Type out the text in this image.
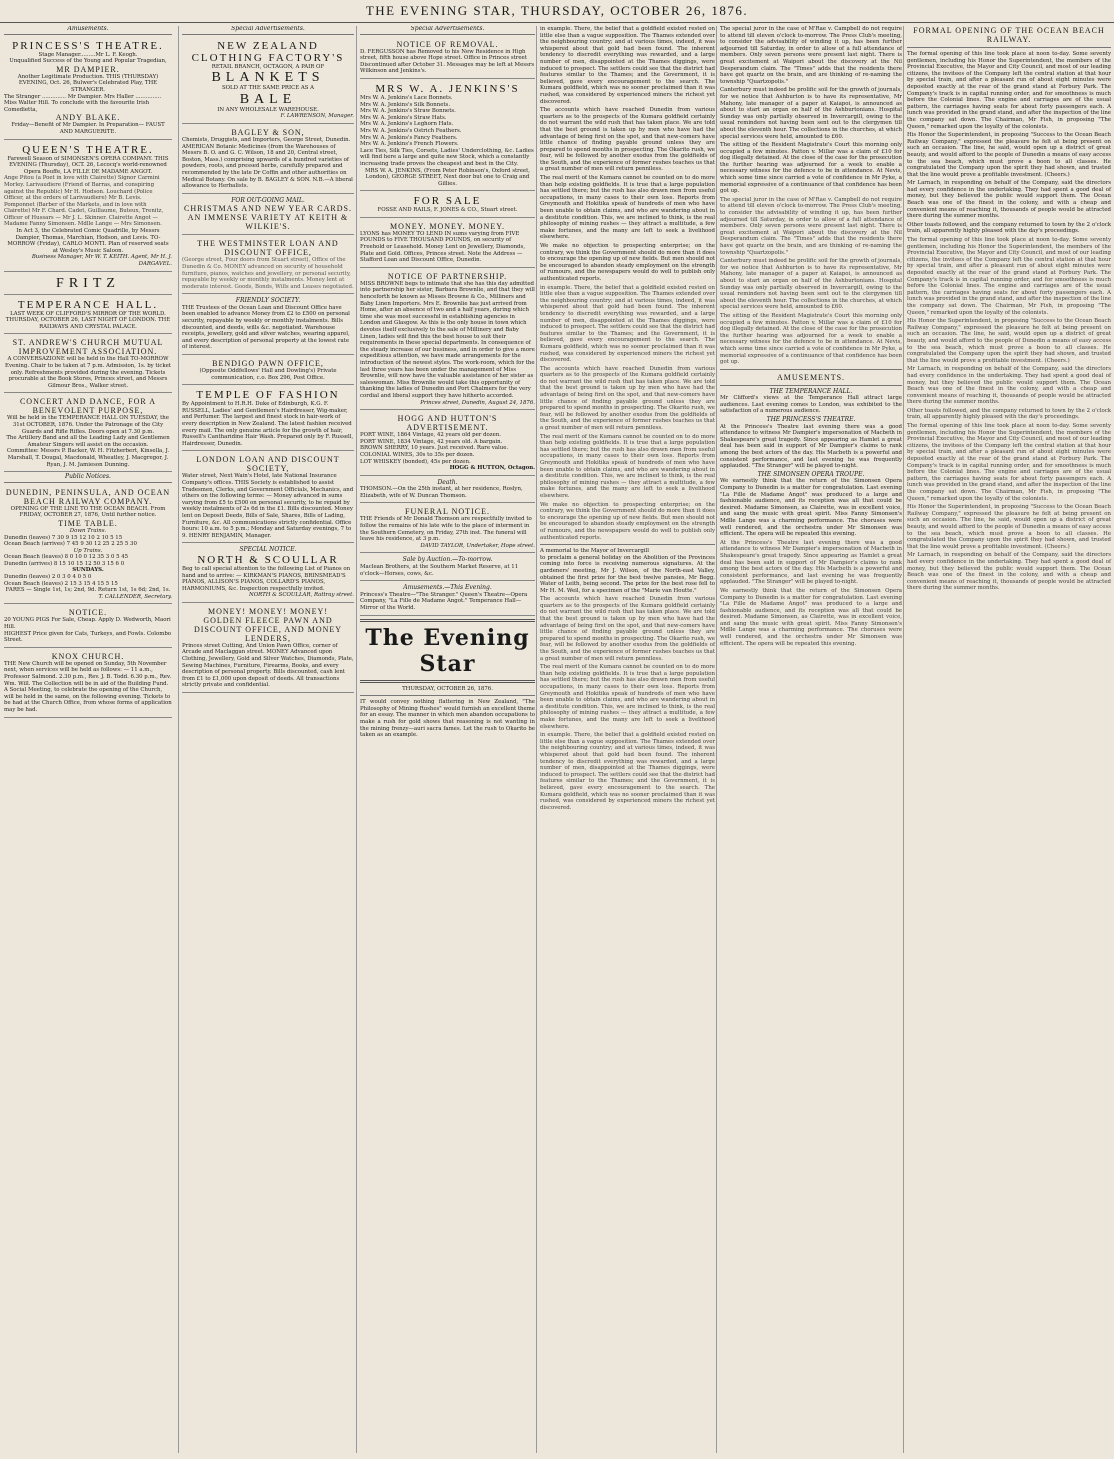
THE EVENING STAR, THURSDAY, OCTOBER 26, 1876.
Amusements.
PRINCESS'S THEATRE.
Stage Manager.........Mr L. F. Keogh.
Unqualified Success of the Young and Popular Tragedian,
MR DAMPIER.
Another Legitimate Production. THIS (THURSDAY) EVENING, Oct. 26, Bulwer's Celebrated Play, THE STRANGER.
The Stranger .............. Mr Dampier. Mrs Haller ............... Miss Walter Hill. To conclude with the favourite Irish Comedietta,
ANDY BLAKE.
Friday—Benefit of Mr Dampier. In Preparation— FAUST AND MARGUERITE.
QUEEN'S THEATRE.
Farewell Season of SIMONSEN'S OPERA COMPANY. THIS EVENING (Thursday), OCT. 26, Lecocq's world-renowned Opera Bouffe, LA FILLE DE MADAME ANGOT.
Ange Pitou (a Poet in love with Clairette) Signor Carmini Morley. Larivaudiere (Friend of Barras, and conspiring against the Republic) Mr H. Hodson. Louchard (Police Officer, at the orders of Larivaudiere) Mr B. Levis. Pomponnet (Barber of the Markets, and in love with Clairette) Mr F. Chard. Cadet, Guillaume, Buteux, Trenitz, Officer of Hussars — Mr J. L. Skinner. Clairette Angot — Madame Fanny Simonsen. Mdlle Lange — Mrs Simonsen.
In Act 3, the Celebrated Comic Quadrille, by Messrs Dampier, Thomas, Marchian, Hodson, and Levis. TO-MORROW (Friday), CARLO MONTI. Plan of reserved seats at Wesley's Music Saloon.
Business Manager, Mr W. T. KEITH. Agent, Mr H. J. DARGAVEL.
FRITZ
TEMPERANCE HALL.
LAST WEEK OF CLIFFORD'S MIRROR OF THE WORLD. THURSDAY, OCTOBER 26, LAST NIGHT OF LONDON. THE RAILWAYS AND CRYSTAL PALACE.
ST. ANDREW'S CHURCH MUTUAL IMPROVEMENT ASSOCIATION.
A CONVERSAZIONE will be held in the Hall TO-MORROW Evening. Chair to be taken at 7 p.m. Admission, 1s. by ticket only. Refreshments provided during the evening. Tickets procurable at the Book Stores, Princes street, and Messrs Gilmour Bros., Walker street.
CONCERT AND DANCE, FOR A BENEVOLENT PURPOSE,
Will be held in the TEMPERANCE HALL ON TUESDAY, the 31st OCTOBER, 1876. Under the Patronage of the City Guards and Rifle Rifles. Doors open at 7.30 p.m.
The Artillery Band and all the Leading Lady and Gentlemen Amateur Singers will assist on the occasion.
Committee: Messrs P. Backer, W. H. Fitzherbert, Kinsella, J. Marshall, T. Dougal, Macdonald, Wheatley, J. Macgregor, J. Ryan, J. M. Jamieson Dunning.
Public Notices.
DUNEDIN, PENINSULA, AND OCEAN BEACH RAILWAY COMPANY.
OPENING OF THE LINE TO THE OCEAN BEACH. From FRIDAY, OCTOBER 27, 1876, Until further notice.
TIME TABLE.
Down Trains.
Dunedin (leaves) 7 30 9 15 12 10 2 10 5 15
Ocean Beach (arrives) 7 45 9 30 12 25 2 25 5 30
Up Trains.
Ocean Beach (leaves) 8 0 10 0 12 35 3 0 5 45
Dunedin (arrives) 8 15 10 15 12 50 3 15 6 0
SUNDAYS.
Dunedin (leaves) 2 0 3 0 4 0 5 0
Ocean Beach (leaves) 2 15 3 15 4 15 5 15
FARES — Single 1st, 1s; 2nd, 9d. Return 1st, 1s 6d; 2nd, 1s.
T. CALLENDER, Secretary.
NOTICE.
20 YOUNG PIGS For Sale, Cheap. Apply D. Wedworth, Maori Hill.
HIGHEST Price given for Cats, Turkeys, and Fowls. Colombo Street.
KNOX CHURCH.
THE New Church will be opened on Sunday, 5th November next, when services will be held as follows: — 11 a.m., Professor Salmond. 2.30 p.m., Rev. J. B. Todd. 6.30 p.m., Rev. Wm. Will. The Collection will be in aid of the Building Fund. A Social Meeting, to celebrate the opening of the Church, will be held in the same, on the following evening. Tickets to be had at the Church Office, from whose forms of application may be had.
Special Advertisements.
NEW ZEALAND CLOTHING FACTORY'S
RETAIL BRANCH, OCTAGON, A PAIR OF
BLANKETS
SOLD AT THE SAME PRICE AS A
BALE
IN ANY WHOLESALE WAREHOUSE.
F. LAWRENSON, Manager.
BAGLEY & SON,
Chemists, Druggists, and Importers, George Street, Dunedin. AMERICAN Botanic Medicines (from the Warehouses of Messrs B. O. and G. C. Wilson, 18 and 20, Central street, Boston, Mass.) comprising upwards of a hundred varieties of powders, roots, and pressed herbs, carefully prepared and recommended by the late Dr Coffin and other authorities on Medical Botany. On sale by B. BAGLEY & SON. N.B.—A liberal allowance to Herbalists.
FOR OUT-GOING MAIL.
CHRISTMAS AND NEW YEAR CARDS. AN IMMENSE VARIETY AT KEITH & WILKIE'S.
THE WESTMINSTER LOAN AND DISCOUNT OFFICE,
(George street, Four doors from Stuart street), Office of the Dunedin & Co. MONEY advanced on security of household furniture, pianos, watches and jewellery, or personal security, repayable by weekly or monthly instalments. Money lent at moderate interest. Goods, Bonds, Wills and Leases negotiated.
FRIENDLY SOCIETY.
THE Trustees of the Ocean Loan and Discount Office have been enabled to advance Money from £2 to £500 on personal security, repayable by weekly or monthly instalments. Bills discounted, and deeds, wills &c. negotiated. Warehouse receipts, jewellery, gold and silver watches, wearing apparel, and every description of personal property at the lowest rate of interest.
BENDIGO PAWN OFFICE,
(Opposite Oddfellows' Hall and Dowling's) Private communication, c.o. Box 296, Post Office.
TEMPLE OF FASHION
By Appointment to H.R.H. Duke of Edinburgh, K.G. F. RUSSELL, Ladies' and Gentlemen's Hairdresser, Wig-maker, and Perfumer. The largest and finest stock in hair-work of every description in New Zealand. The latest fashion received every mail. The only genuine article for the growth of hair, Russell's Cantharidine Hair Wash. Prepared only by F. Russell, Hairdresser, Dunedin.
LONDON LOAN AND DISCOUNT SOCIETY,
Water street, Next Wain's Hotel, late National Insurance Company's offices. THIS Society is established to assist Tradesmen, Clerks, and Government Officials, Mechanics, and others on the following terms: — Money advanced in sums varying from £5 to £500 on personal security, to be repaid by weekly instalments of 2s 6d in the £1. Bills discounted. Money lent on Deposit Deeds, Bills of Sale, Shares, Bills of Lading, Furniture, &c. All communications strictly confidential. Office hours: 10 a.m. to 5 p.m.; Monday and Saturday evenings, 7 to 9. HENRY BENJAMIN, Manager.
SPECIAL NOTICE.
NORTH & SCOULLAR
Beg to call special attention to the following List of Pianos on hand and to arrive: — KIRKMAN'S PIANOS, BRINSMEAD'S PIANOS, ALLISON'S PIANOS, COLLARD'S PIANOS, HARMONIUMS, &c. Inspection respectfully invited.
NORTH & SCOULLAR, Rattray street.
MONEY! MONEY! MONEY!
GOLDEN FLEECE PAWN AND DISCOUNT OFFICE, AND MONEY LENDERS,
Princes street Cutting, And Union Pawn Office, corner of Arcade and Maclaggan street. MONEY Advanced upon Clothing, Jewellery, Gold and Silver Watches, Diamonds, Plate, Sewing Machines, Furniture, Firearms, Books, and every description of personal property. Bills discounted, cash lent from £1 to £1,000 upon deposit of deeds. All transactions strictly private and confidential.
Special Advertisements.
NOTICE OF REMOVAL.
D. FERGUSSON has Removed to his New Residence in High street, fifth house above Hope street. Office in Princes street Discontinued after October 31. Messages may be left at Messrs Wilkinson and Jenkins's.
MRS W. A. JENKINS'S
Mrs W. A. Jenkins's Lace Bonnets.
Mrs W. A. Jenkins's Silk Bonnets.
Mrs W. A. Jenkins's Straw Bonnets.
Mrs W. A. Jenkins's Straw Hats.
Mrs W. A. Jenkins's Leghorn Hats.
Mrs W. A. Jenkins's Ostrich Feathers.
Mrs W. A. Jenkins's Fancy Feathers.
Mrs W. A. Jenkins's French Flowers.
Lace Ties, Silk Ties, Corsets, Ladies' Underclothing, &c. Ladies will find here a large and quite new Stock, which a constantly increasing trade proves the cheapest and best in the City.
MRS W. A. JENKINS, (From Peter Robinson's, Oxford street, London), GEORGE STREET, Next door but one to Craig and Gillies.
FOR SALE
FOSSE AND RAILS, F. JONES & CO., Stuart street.
MONEY. MONEY. MONEY.
LYONS has MONEY TO LEND IN sums varying from FIVE POUNDS to FIVE THOUSAND POUNDS, on security of Freehold or Leasehold. Money Lent on Jewellery, Diamonds, Plate and Gold. Offices, Princes street. Note the Address — Stafford Loan and Discount Office, Dunedin.
NOTICE OF PARTNERSHIP.
MISS BROWNE begs to intimate that she has this day admitted into partnership her sister, Barbara Brownlie, and that they will henceforth be known as Misses Browne & Co., Milliners and Baby Linen Importers. Mrs E. Brownlie has just arrived from Home, after an absence of two and a half years, during which time she was most successful in establishing agencies in London and Glasgow. As this is the only house in town which devotes itself exclusively to the sale of Millinery and Baby Linen, ladies will find this the best house to suit their requirements in these special departments. In consequence of the steady increase of our business, and in order to give a more expeditious attention, we have made arrangements for the introduction of the newest styles. The work-room, which for the last three years has been under the management of Miss Brownlie, will now have the valuable assistance of her sister as saleswoman. Miss Brownlie would take this opportunity of thanking the ladies of Dunedin and Port Chalmers for the very cordial and liberal support they have hitherto accorded.
Princes street, Dunedin, August 24, 1876.
HOGG AND HUTTON'S ADVERTISEMENT.
PORT WINE, 1864 Vintage, 42 years old per dozen.
PORT WINE, 1834 Vintage, 42 years old. A bargain.
BROWN SHERRY, 10 years. Just received. Rare value.
COLONIAL WINES, 30s to 35s per dozen.
LOT WHISKEY (bonded), 45s per dozen.
HOGG & HUTTON, Octagon.
Death.
THOMSON.—On the 25th instant, at her residence, Roslyn, Elizabeth, wife of W. Duncan Thomson.
FUNERAL NOTICE.
THE Friends of Mr Donald Thomson are respectfully invited to follow the remains of his late wife to the place of interment in the Southern Cemetery, on Friday, 27th inst. The funeral will leave his residence, at 3 p.m.
DAVID TAYLOR, Undertaker, Hope street.
Sale by Auction.—To-morrow.
Maclean Brothers, at the Southern Market Reserve, at 11 o'clock—Horses, cows, &c.
Amusements.—This Evening.
Princess's Theatre—"The Stranger." Queen's Theatre—Opera Company, "La Fille de Madame Angot." Temperance Hall—Mirror of the World.
The Evening Star
THURSDAY, OCTOBER 26, 1876.
IT would convey nothing flattering in New Zealand, "The Philosophy of Mining Rushes" would furnish an excellent theme for an essay. The manner in which men abandon occupations to make a rush for gold shows that reasoning is not wanting in the mining frenzy—auri sacra fames. Let the rush to Okarito be taken as an example.

in example. There, the belief that a goldfield existed rested on little else than a vague supposition. The Thames extended over the neighbouring country; and at various times, indeed, it was whispered about that gold had been found. The inherent tendency to discredit everything was rewarded, and a large number of men, disappointed at the Thames diggings, were induced to prospect. The settlers could see that the district had features similar to the Thames; and the Government, it is believed, gave every encouragement to the search. The Kumara goldfield, which was no sooner proclaimed than it was rushed, was considered by experienced miners the richest yet discovered.

The accounts which have reached Dunedin from various quarters as to the prospects of the Kumara goldfield certainly do not warrant the wild rush that has taken place. We are told that the best ground is taken up by men who have had the advantage of being first on the spot, and that new-comers have little chance of finding payable ground unless they are prepared to spend months in prospecting. The Okarito rush, we fear, will be followed by another exodus from the goldfields of the South, and the experience of former rushes teaches us that a great number of men will return penniless.

The real merit of the Kumara cannot be counted on to do more than help existing goldfields. It is true that a large population has settled there; but the rush has also drawn men from useful occupations, in many cases to their own loss. Reports from Greymouth and Hokitika speak of hundreds of men who have been unable to obtain claims, and who are wandering about in a destitute condition. This, we are inclined to think, is the real philosophy of mining rushes — they attract a multitude, a few make fortunes, and the many are left to seek a livelihood elsewhere.

We make no objection to prospecting enterprise; on the contrary, we think the Government should do more than it does to encourage the opening up of new fields. But men should not be encouraged to abandon steady employment on the strength of rumours, and the newspapers would do well to publish only authenticated reports.

in example. There, the belief that a goldfield existed rested on little else than a vague supposition. The Thames extended over the neighbouring country; and at various times, indeed, it was whispered about that gold had been found. The inherent tendency to discredit everything was rewarded, and a large number of men, disappointed at the Thames diggings, were induced to prospect. The settlers could see that the district had features similar to the Thames; and the Government, it is believed, gave every encouragement to the search. The Kumara goldfield, which was no sooner proclaimed than it was rushed, was considered by experienced miners the richest yet discovered.

The accounts which have reached Dunedin from various quarters as to the prospects of the Kumara goldfield certainly do not warrant the wild rush that has taken place. We are told that the best ground is taken up by men who have had the advantage of being first on the spot, and that new-comers have little chance of finding payable ground unless they are prepared to spend months in prospecting. The Okarito rush, we fear, will be followed by another exodus from the goldfields of the South, and the experience of former rushes teaches us that a great number of men will return penniless.

The real merit of the Kumara cannot be counted on to do more than help existing goldfields. It is true that a large population has settled there; but the rush has also drawn men from useful occupations, in many cases to their own loss. Reports from Greymouth and Hokitika speak of hundreds of men who have been unable to obtain claims, and who are wandering about in a destitute condition. This, we are inclined to think, is the real philosophy of mining rushes — they attract a multitude, a few make fortunes, and the many are left to seek a livelihood elsewhere.

We make no objection to prospecting enterprise; on the contrary, we think the Government should do more than it does to encourage the opening up of new fields. But men should not be encouraged to abandon steady employment on the strength of rumours, and the newspapers would do well to publish only authenticated reports.

A memorial to the Mayor of Invercargill

to proclaim a general holiday on the Abolition of the Provinces coming into force is receiving numerous signatures. At the gardeners' meeting, Mr J. Wilson, of the North-east Valley, obtained the first prize for the best twelve pansies, Mr Begg. Water of Leith, being second. The prize for the best rose fell to Mr H. M. Weil, for a specimen of the "Marie van Houtte."

The accounts which have reached Dunedin from various quarters as to the prospects of the Kumara goldfield certainly do not warrant the wild rush that has taken place. We are told that the best ground is taken up by men who have had the advantage of being first on the spot, and that new-comers have little chance of finding payable ground unless they are prepared to spend months in prospecting. The Okarito rush, we fear, will be followed by another exodus from the goldfields of the South, and the experience of former rushes teaches us that a great number of men will return penniless.

The real merit of the Kumara cannot be counted on to do more than help existing goldfields. It is true that a large population has settled there; but the rush has also drawn men from useful occupations, in many cases to their own loss. Reports from Greymouth and Hokitika speak of hundreds of men who have been unable to obtain claims, and who are wandering about in a destitute condition. This, we are inclined to think, is the real philosophy of mining rushes — they attract a multitude, a few make fortunes, and the many are left to seek a livelihood elsewhere.

in example. There, the belief that a goldfield existed rested on little else than a vague supposition. The Thames extended over the neighbouring country; and at various times, indeed, it was whispered about that gold had been found. The inherent tendency to discredit everything was rewarded, and a large number of men, disappointed at the Thames diggings, were induced to prospect. The settlers could see that the district had features similar to the Thames; and the Government, it is believed, gave every encouragement to the search. The Kumara goldfield, which was no sooner proclaimed than it was rushed, was considered by experienced miners the richest yet discovered.

The special juror in the case of M'Rae v. Campbell do not require to attend till eleven o'clock to-morrow. The Press Club's meeting, to consider the advisability of winding it up, has been further adjourned till Saturday, in order to allow of a full attendance of members. Only seven persons were present last night. There is great excitement at Waipori about the discovery at the Nil Desperandum claim. The "Times" adds that the residents there have got quartz on the brain, and are thinking of re-naming the township "Quartzopolis."

Canterbury must indeed be prolific soil for the growth of journals, for we notice that Ashburton is to have its representative, Mr Mahony, late manager of a paper at Kaiapoi, is announced as about to start an organ on half of the Ashburtonians. Hospital Sunday was only partially observed in Invercargill, owing to the usual reminders not having been sent out to the clergymen till about the eleventh hour. The collections in the churches, at which special services were held, amounted to £60.

The sitting of the Resident Magistrate's Court this morning only occupied a few minutes. Patton v. Millar was a claim of £10 for dog illegally detained. At the close of the case for the prosecution the further hearing was adjourned for a week to enable a necessary witness for the defence to be in attendance. At Nevis, which some time since carried a vote of confidence in Mr Pyke, a memorial expressive of a continuance of that confidence has been got up.

The special juror in the case of M'Rae v. Campbell do not require to attend till eleven o'clock to-morrow. The Press Club's meeting, to consider the advisability of winding it up, has been further adjourned till Saturday, in order to allow of a full attendance of members. Only seven persons were present last night. There is great excitement at Waipori about the discovery at the Nil Desperandum claim. The "Times" adds that the residents there have got quartz on the brain, and are thinking of re-naming the township "Quartzopolis."

Canterbury must indeed be prolific soil for the growth of journals, for we notice that Ashburton is to have its representative, Mr Mahony, late manager of a paper at Kaiapoi, is announced as about to start an organ on half of the Ashburtonians. Hospital Sunday was only partially observed in Invercargill, owing to the usual reminders not having been sent out to the clergymen till about the eleventh hour. The collections in the churches, at which special services were held, amounted to £60.

The sitting of the Resident Magistrate's Court this morning only occupied a few minutes. Patton v. Millar was a claim of £10 for dog illegally detained. At the close of the case for the prosecution the further hearing was adjourned for a week to enable a necessary witness for the defence to be in attendance. At Nevis, which some time since carried a vote of confidence in Mr Pyke, a memorial expressive of a continuance of that confidence has been got up.

AMUSEMENTS.
THE TEMPERANCE HALL.

Mr Clifford's views at the Temperance Hall attract large audiences. Last evening comes to London, was exhibited to the satisfaction of a numerous audience.

THE PRINCESS'S THEATRE.

At the Princess's Theatre last evening there was a good attendance to witness Mr Dampier's impersonation of Macbeth in Shakespeare's great tragedy. Since appearing as Hamlet a great deal has been said in support of Mr Dampier's claims to rank among the best actors of the day. His Macbeth is a powerful and consistent performance, and last evening he was frequently applauded. "The Stranger" will be played to-night.

THE SIMONSEN OPERA TROUPE.

We earnestly think that the return of the Simonsen Opera Company to Dunedin is a matter for congratulation. Last evening "La Fille de Madame Angot" was produced to a large and fashionable audience, and its reception was all that could be desired. Madame Simonsen, as Clairette, was in excellent voice, and sang the music with great spirit. Miss Fanny Simonsen's Mdlle Lange was a charming performance. The choruses were well rendered, and the orchestra under Mr Simonsen was efficient. The opera will be repeated this evening.

At the Princess's Theatre last evening there was a good attendance to witness Mr Dampier's impersonation of Macbeth in Shakespeare's great tragedy. Since appearing as Hamlet a great deal has been said in support of Mr Dampier's claims to rank among the best actors of the day. His Macbeth is a powerful and consistent performance, and last evening he was frequently applauded. "The Stranger" will be played to-night.

We earnestly think that the return of the Simonsen Opera Company to Dunedin is a matter for congratulation. Last evening "La Fille de Madame Angot" was produced to a large and fashionable audience, and its reception was all that could be desired. Madame Simonsen, as Clairette, was in excellent voice, and sang the music with great spirit. Miss Fanny Simonsen's Mdlle Lange was a charming performance. The choruses were well rendered, and the orchestra under Mr Simonsen was efficient. The opera will be repeated this evening.

FORMAL OPENING OF THE OCEAN BEACH RAILWAY.

The formal opening of this line took place at noon to-day. Some seventy gentlemen, including his Honor the Superintendent, the members of the Provincial Executive, the Mayor and City Council, and most of our leading citizens, the invitees of the Company left the central station at that hour by special train, and after a pleasant run of about eight minutes were deposited exactly at the rear of the grand stand at Forbury Park. The Company's track is in capital running order, and for smoothness is much before the Colonial lines. The engine and carriages are of the usual pattern, the carriages having seats for about forty passengers each. A lunch was provided in the grand stand, and after the inspection of the line the company sat down. The Chairman, Mr Fish, in proposing "The Queen," remarked upon the loyalty of the colonists.

His Honor the Superintendent, in proposing "Success to the Ocean Beach Railway Company," expressed the pleasure he felt at being present on such an occasion. The line, he said, would open up a district of great beauty, and would afford to the people of Dunedin a means of easy access to the sea beach, which must prove a boon to all classes. He congratulated the Company upon the spirit they had shown, and trusted that the line would prove a profitable investment. (Cheers.)

Mr Larnach, in responding on behalf of the Company, said the directors had every confidence in the undertaking. They had spent a good deal of money, but they believed the public would support them. The Ocean Beach was one of the finest in the colony, and with a cheap and convenient means of reaching it, thousands of people would be attracted there during the summer months.

Other toasts followed, and the company returned to town by the 2 o'clock train, all apparently highly pleased with the day's proceedings.

The formal opening of this line took place at noon to-day. Some seventy gentlemen, including his Honor the Superintendent, the members of the Provincial Executive, the Mayor and City Council, and most of our leading citizens, the invitees of the Company left the central station at that hour by special train, and after a pleasant run of about eight minutes were deposited exactly at the rear of the grand stand at Forbury Park. The Company's track is in capital running order, and for smoothness is much before the Colonial lines. The engine and carriages are of the usual pattern, the carriages having seats for about forty passengers each. A lunch was provided in the grand stand, and after the inspection of the line the company sat down. The Chairman, Mr Fish, in proposing "The Queen," remarked upon the loyalty of the colonists.

His Honor the Superintendent, in proposing "Success to the Ocean Beach Railway Company," expressed the pleasure he felt at being present on such an occasion. The line, he said, would open up a district of great beauty, and would afford to the people of Dunedin a means of easy access to the sea beach, which must prove a boon to all classes. He congratulated the Company upon the spirit they had shown, and trusted that the line would prove a profitable investment. (Cheers.)

Mr Larnach, in responding on behalf of the Company, said the directors had every confidence in the undertaking. They had spent a good deal of money, but they believed the public would support them. The Ocean Beach was one of the finest in the colony, and with a cheap and convenient means of reaching it, thousands of people would be attracted there during the summer months.

Other toasts followed, and the company returned to town by the 2 o'clock train, all apparently highly pleased with the day's proceedings.

The formal opening of this line took place at noon to-day. Some seventy gentlemen, including his Honor the Superintendent, the members of the Provincial Executive, the Mayor and City Council, and most of our leading citizens, the invitees of the Company left the central station at that hour by special train, and after a pleasant run of about eight minutes were deposited exactly at the rear of the grand stand at Forbury Park. The Company's track is in capital running order, and for smoothness is much before the Colonial lines. The engine and carriages are of the usual pattern, the carriages having seats for about forty passengers each. A lunch was provided in the grand stand, and after the inspection of the line the company sat down. The Chairman, Mr Fish, in proposing "The Queen," remarked upon the loyalty of the colonists.

His Honor the Superintendent, in proposing "Success to the Ocean Beach Railway Company," expressed the pleasure he felt at being present on such an occasion. The line, he said, would open up a district of great beauty, and would afford to the people of Dunedin a means of easy access to the sea beach, which must prove a boon to all classes. He congratulated the Company upon the spirit they had shown, and trusted that the line would prove a profitable investment. (Cheers.)

Mr Larnach, in responding on behalf of the Company, said the directors had every confidence in the undertaking. They had spent a good deal of money, but they believed the public would support them. The Ocean Beach was one of the finest in the colony, and with a cheap and convenient means of reaching it, thousands of people would be attracted there during the summer months.
